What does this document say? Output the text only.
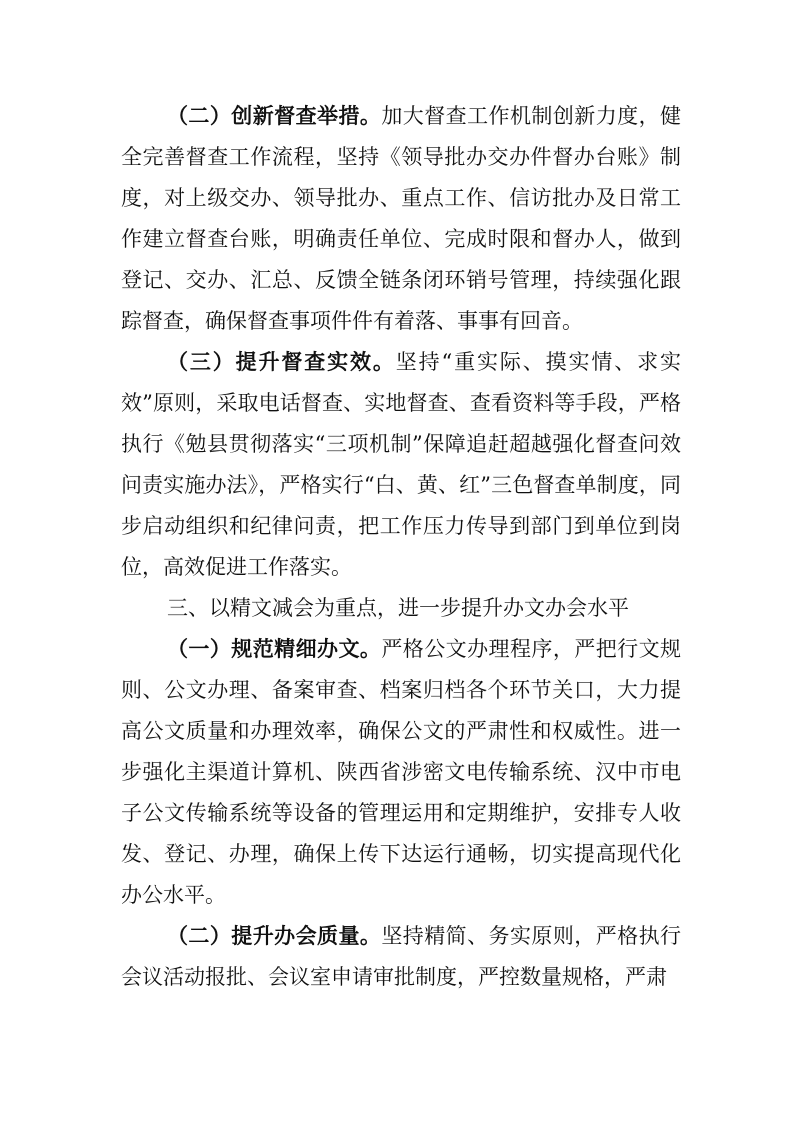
（二）创新督查举措。加大督查工作机制创新力度，健全完善督查工作流程，坚持《领导批办交办件督办台账》制度，对上级交办、领导批办、重点工作、信访批办及日常工作建立督查台账，明确责任单位、完成时限和督办人，做到登记、交办、汇总、反馈全链条闭环销号管理，持续强化跟踪督查，确保督查事项件件有着落、事事有回音。

（三）提升督查实效。坚持“重实际、摸实情、求实效”原则，采取电话督查、实地督查、查看资料等手段，严格执行《勉县贯彻落实“三项机制”保障追赶超越强化督查问效问责实施办法》，严格实行“白、黄、红”三色督查单制度，同步启动组织和纪律问责，把工作压力传导到部门到单位到岗位，高效促进工作落实。

三、以精文减会为重点，进一步提升办文办会水平

（一）规范精细办文。严格公文办理程序，严把行文规则、公文办理、备案审查、档案归档各个环节关口，大力提高公文质量和办理效率，确保公文的严肃性和权威性。进一步强化主渠道计算机、陕西省涉密文电传输系统、汉中市电子公文传输系统等设备的管理运用和定期维护，安排专人收发、登记、办理，确保上传下达运行通畅，切实提高现代化办公水平。

（二）提升办会质量。坚持精简、务实原则，严格执行会议活动报批、会议室申请审批制度，严控数量规格，严肃
